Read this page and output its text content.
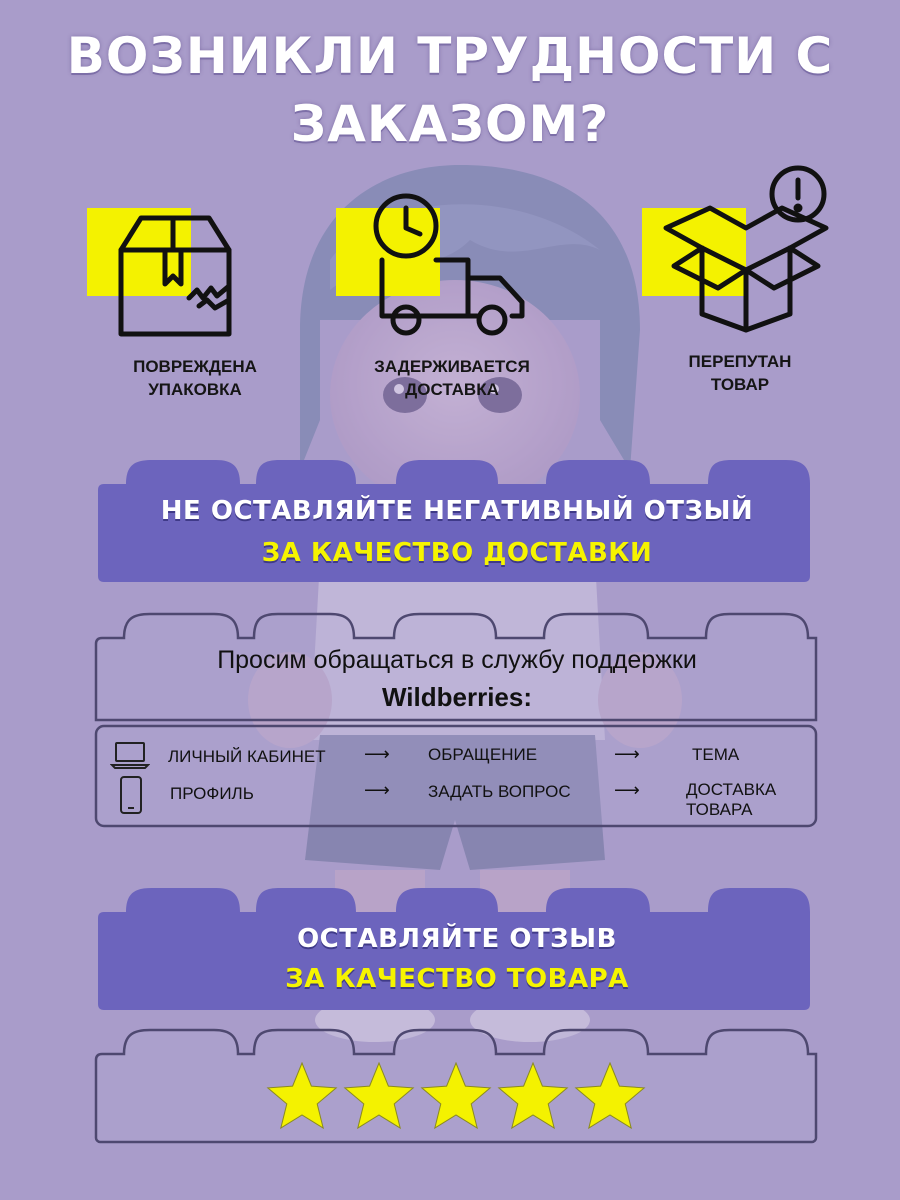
ВОЗНИКЛИ ТРУДНОСТИ С
ЗАКАЗОМ?
ПОВРЕЖДЕНА
УПАКОВКА
ЗАДЕРЖИВАЕТСЯ
ДОСТАВКА
ПЕРЕПУТАН
ТОВАР
НЕ ОСТАВЛЯЙТЕ НЕГАТИВНЫЙ ОТЗЫЙ
ЗА КАЧЕСТВО ДОСТАВКИ
Просим обращаться в службу поддержки
Wildberries:
ЛИЧНЫЙ КАБИНЕТ ⟶ ОБРАЩЕНИЕ	⟶	ТЕМА
ПРОФИЛЬ	⟶ ЗАДАТЬ ВОПРОС ⟶	ДОСТАВКА
ТОВАРА
ОСТАВЛЯЙТЕ ОТЗЫВ
ЗА КАЧЕСТВО ТОВАРА
